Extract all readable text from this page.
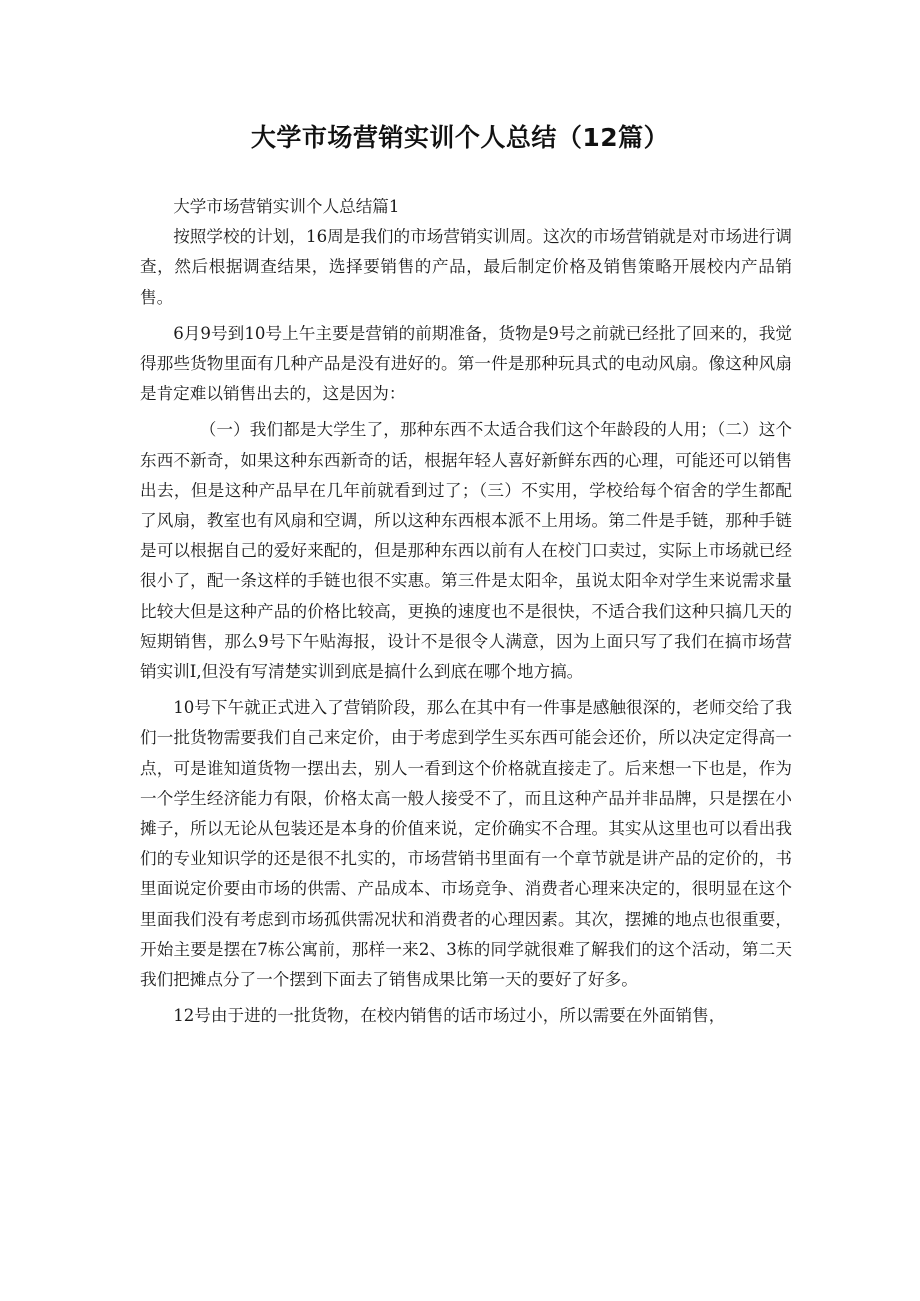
大学市场营销实训个人总结（12篇）

大学市场营销实训个人总结篇1

按照学校的计划，16周是我们的市场营销实训周。这次的市场营销就是对市场进行调查，然后根据调查结果，选择要销售的产品，最后制定价格及销售策略开展校内产品销售。

6月9号到10号上午主要是营销的前期准备，货物是9号之前就已经批了回来的，我觉得那些货物里面有几种产品是没有进好的。第一件是那种玩具式的电动风扇。像这种风扇是肯定难以销售出去的，这是因为：

（一）我们都是大学生了，那种东西不太适合我们这个年龄段的人用；（二）这个东西不新奇，如果这种东西新奇的话，根据年轻人喜好新鲜东西的心理，可能还可以销售出去，但是这种产品早在几年前就看到过了；（三）不实用，学校给每个宿舍的学生都配了风扇，教室也有风扇和空调，所以这种东西根本派不上用场。第二件是手链，那种手链是可以根据自己的爱好来配的，但是那种东西以前有人在校门口卖过，实际上市场就已经很小了，配一条这样的手链也很不实惠。第三件是太阳伞，虽说太阳伞对学生来说需求量比较大但是这种产品的价格比较高，更换的速度也不是很快，不适合我们这种只搞几天的短期销售，那么9号下午贴海报，设计不是很令人满意，因为上面只写了我们在搞市场营销实训I,但没有写清楚实训到底是搞什么到底在哪个地方搞。

10号下午就正式进入了营销阶段，那么在其中有一件事是感触很深的，老师交给了我们一批货物需要我们自己来定价，由于考虑到学生买东西可能会还价，所以决定定得高一点，可是谁知道货物一摆出去，别人一看到这个价格就直接走了。后来想一下也是，作为一个学生经济能力有限，价格太高一般人接受不了，而且这种产品并非品牌，只是摆在小摊子，所以无论从包装还是本身的价值来说，定价确实不合理。其实从这里也可以看出我们的专业知识学的还是很不扎实的，市场营销书里面有一个章节就是讲产品的定价的，书里面说定价要由市场的供需、产品成本、市场竞争、消费者心理来决定的，很明显在这个里面我们没有考虑到市场孤供需况状和消费者的心理因素。其次，摆摊的地点也很重要，开始主要是摆在7栋公寓前，那样一来2、3栋的同学就很难了解我们的这个活动，第二天我们把摊点分了一个摆到下面去了销售成果比第一天的要好了好多。

12号由于进的一批货物，在校内销售的话市场过小，所以需要在外面销售，
